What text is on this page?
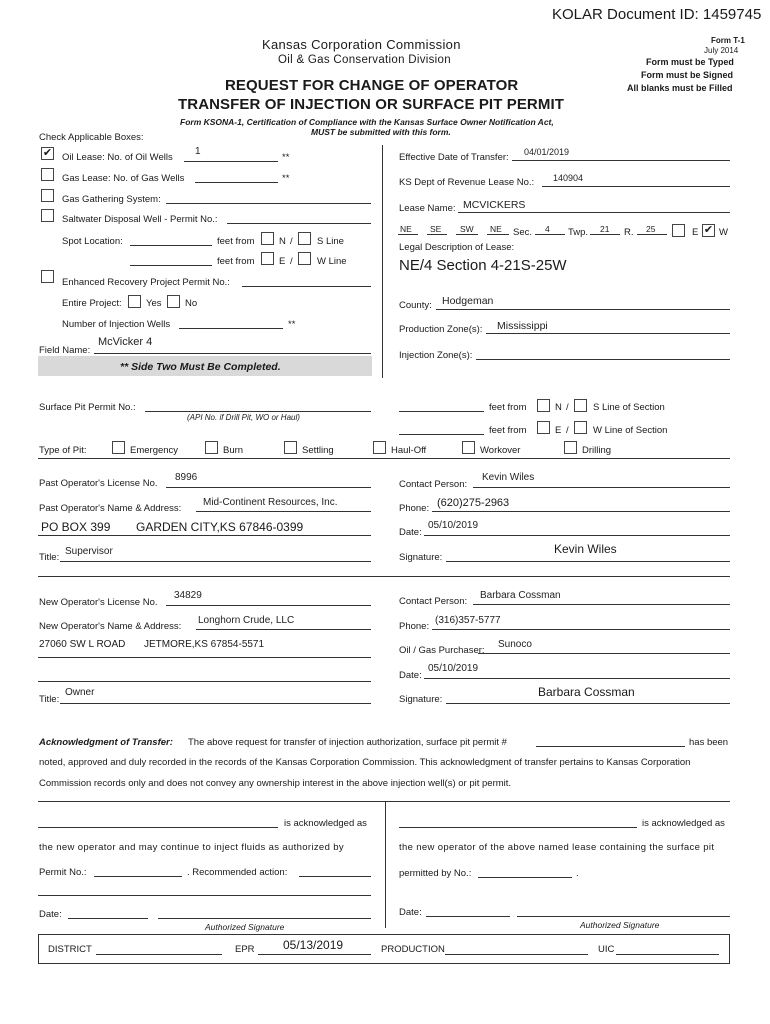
KOLAR Document ID: 1459745
Kansas Corporation Commission
Oil & Gas Conservation Division
Form T-1
July 2014
Form must be Typed
Form must be Signed
All blanks must be Filled
REQUEST FOR CHANGE OF OPERATOR
TRANSFER OF INJECTION OR SURFACE PIT PERMIT
Form KSONA-1, Certification of Compliance with the Kansas Surface Owner Notification Act,
MUST be submitted with this form.
Check Applicable Boxes:
✔ Oil Lease: No. of Oil Wells
1
**
Gas Lease: No. of Gas Wells	**
Gas Gathering System:
Saltwater Disposal Well - Permit No.:
Spot Location:	feet from	N /	S Line
feet from	E /	W Line
Enhanced Recovery Project Permit No.:
Entire Project:	Yes No
Number of Injection Wells	**
Field Name:
McVicker 4
** Side Two Must Be Completed.
Effective Date of Transfer: 04/01/2019
KS Dept of Revenue Lease No.: 140904
Lease Name: MCVICKERS
NE SE SW NE Sec. 4 Twp. 21 R. 25	E ✔ W
Legal Description of Lease:
NE/4 Section 4-21S-25W
County: Hodgeman
Production Zone(s): Mississippi
Injection Zone(s):
Surface Pit Permit No.:
(API No. if Drill Pit, WO or Haul)
feet from	N /	S Line of Section
feet from	E /	W Line of Section
Type of Pit:	Emergency	Burn	Settling	Haul-Off	Workover	Drilling
Past Operator's License No.
8996
Past Operator's Name & Address:
Mid-Continent Resources, Inc.
PO BOX 399 GARDEN CITY,KS 67846-0399
Title:
Supervisor
Contact Person:
Kevin Wiles
Phone: (620)275-2963
Date:
05/10/2019
Signature:
Kevin Wiles
New Operator's License No.
34829
New Operator's Name & Address:
Longhorn Crude, LLC
27060 SW L ROAD JETMORE,KS 67854-5571
Title:
Owner
Contact Person:
Barbara Cossman
Phone:
(316)357-5777
Oil / Gas Purchaser:
Sunoco
Date:
05/10/2019
Signature:
Barbara Cossman
Acknowledgment of Transfer: The above request for transfer of injection authorization, surface pit permit #	has been
noted, approved and duly recorded in the records of the Kansas Corporation Commission. This acknowledgment of transfer pertains to Kansas Corporation
Commission records only and does not convey any ownership interest in the above injection well(s) or pit permit.
is acknowledged as
the new operator and may continue to inject fluids as authorized by
Permit No.:	. Recommended action:
Date:
Authorized Signature
is acknowledged as
the new operator of the above named lease containing the surface pit
permitted by No.:	.
Date:
Authorized Signature
DISTRICT	EPR 05/13/2019	PRODUCTION	UIC
